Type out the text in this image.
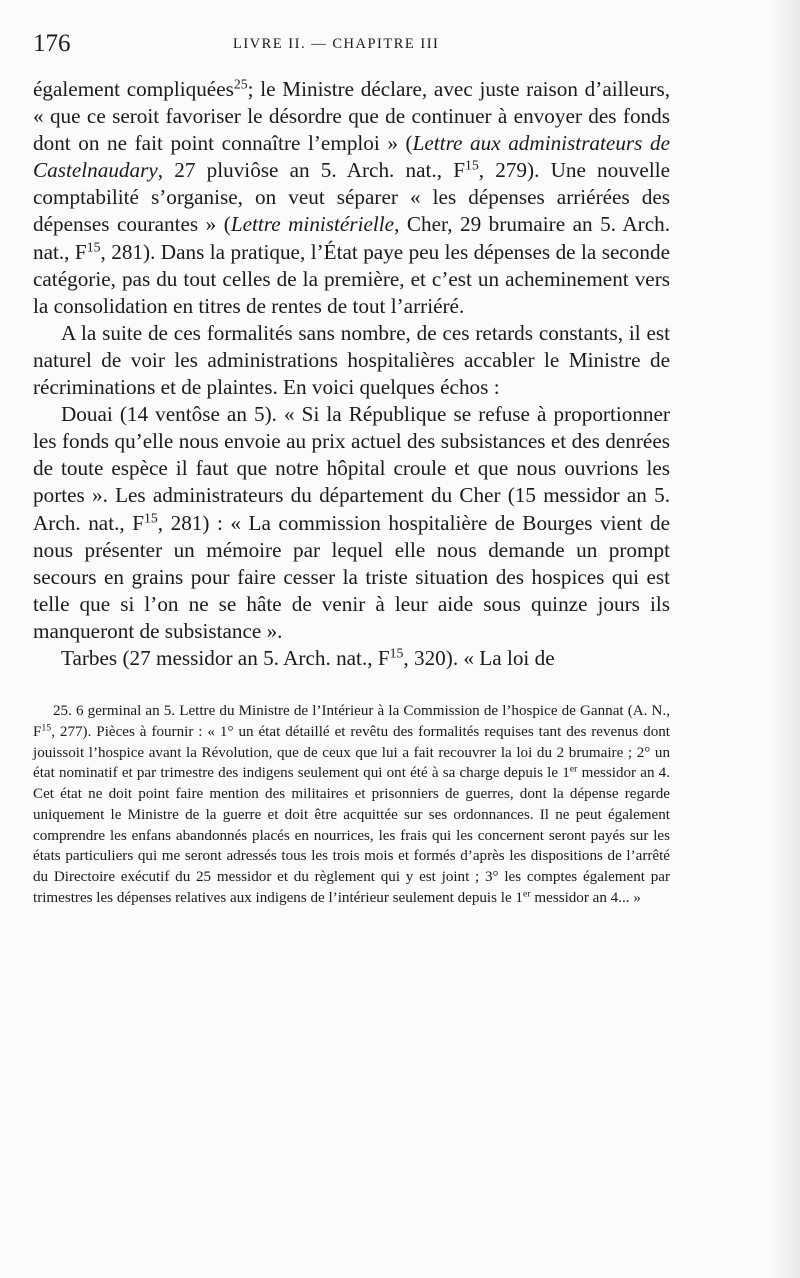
176	LIVRE II. — CHAPITRE III

également compliquées$^{25}$; le Ministre déclare, avec juste raison d’ailleurs, « que ce seroit favoriser le désordre que de continuer à envoyer des fonds dont on ne fait point connaître l’emploi » (Lettre aux administrateurs de Castelnaudary, 27 pluviôse an 5. Arch. nat., $F^{15}$, 279). Une nouvelle comptabilité s’organise, on veut séparer « les dépenses arriérées des dépenses courantes » (Lettre ministérielle, Cher, 29 brumaire an 5. Arch. nat., $F^{15}$, 281). Dans la pratique, l’État paye peu les dépenses de la seconde catégorie, pas du tout celles de la première, et c’est un acheminement vers la consolidation en titres de rentes de tout l’arriéré.

A la suite de ces formalités sans nombre, de ces retards constants, il est naturel de voir les administrations hospitalières accabler le Ministre de récriminations et de plaintes. En voici quelques échos :

Douai (14 ventôse an 5). « Si la République se refuse à proportionner les fonds qu’elle nous envoie au prix actuel des subsistances et des denrées de toute espèce il faut que notre hôpital croule et que nous ouvrions les portes ». Les administrateurs du département du Cher (15 messidor an 5. Arch. nat., $F^{15}$, 281) : « La commission hospitalière de Bourges vient de nous présenter un mémoire par lequel elle nous demande un prompt secours en grains pour faire cesser la triste situation des hospices qui est telle que si l’on ne se hâte de venir à leur aide sous quinze jours ils manqueront de subsistance ».

Tarbes (27 messidor an 5. Arch. nat., $F^{15}$, 320). « La loi de

25. 6 germinal an 5. Lettre du Ministre de l’Intérieur à la Commission de l’hospice de Gannat (A. N., $F^{15}$, 277). Pièces à fournir : « 1° un état détaillé et revêtu des formalités requises tant des revenus dont jouissoit l’hospice avant la Révolution, que de ceux que lui a fait recouvrer la loi du 2 brumaire ; 2° un état nominatif et par trimestre des indigens seulement qui ont été à sa charge depuis le 1er messidor an 4. Cet état ne doit point faire mention des militaires et prisonniers de guerres, dont la dépense regarde uniquement le Ministre de la guerre et doit être acquittée sur ses ordonnances. Il ne peut également comprendre les enfans abandonnés placés en nourrices, les frais qui les concernent seront payés sur les états particuliers qui me seront adressés tous les trois mois et formés d’après les dispositions de l’arrêté du Directoire exécutif du 25 messidor et du règlement qui y est joint ; 3° les comptes également par trimestres les dépenses relatives aux indigens de l’intérieur seulement depuis le 1er messidor an 4... »
